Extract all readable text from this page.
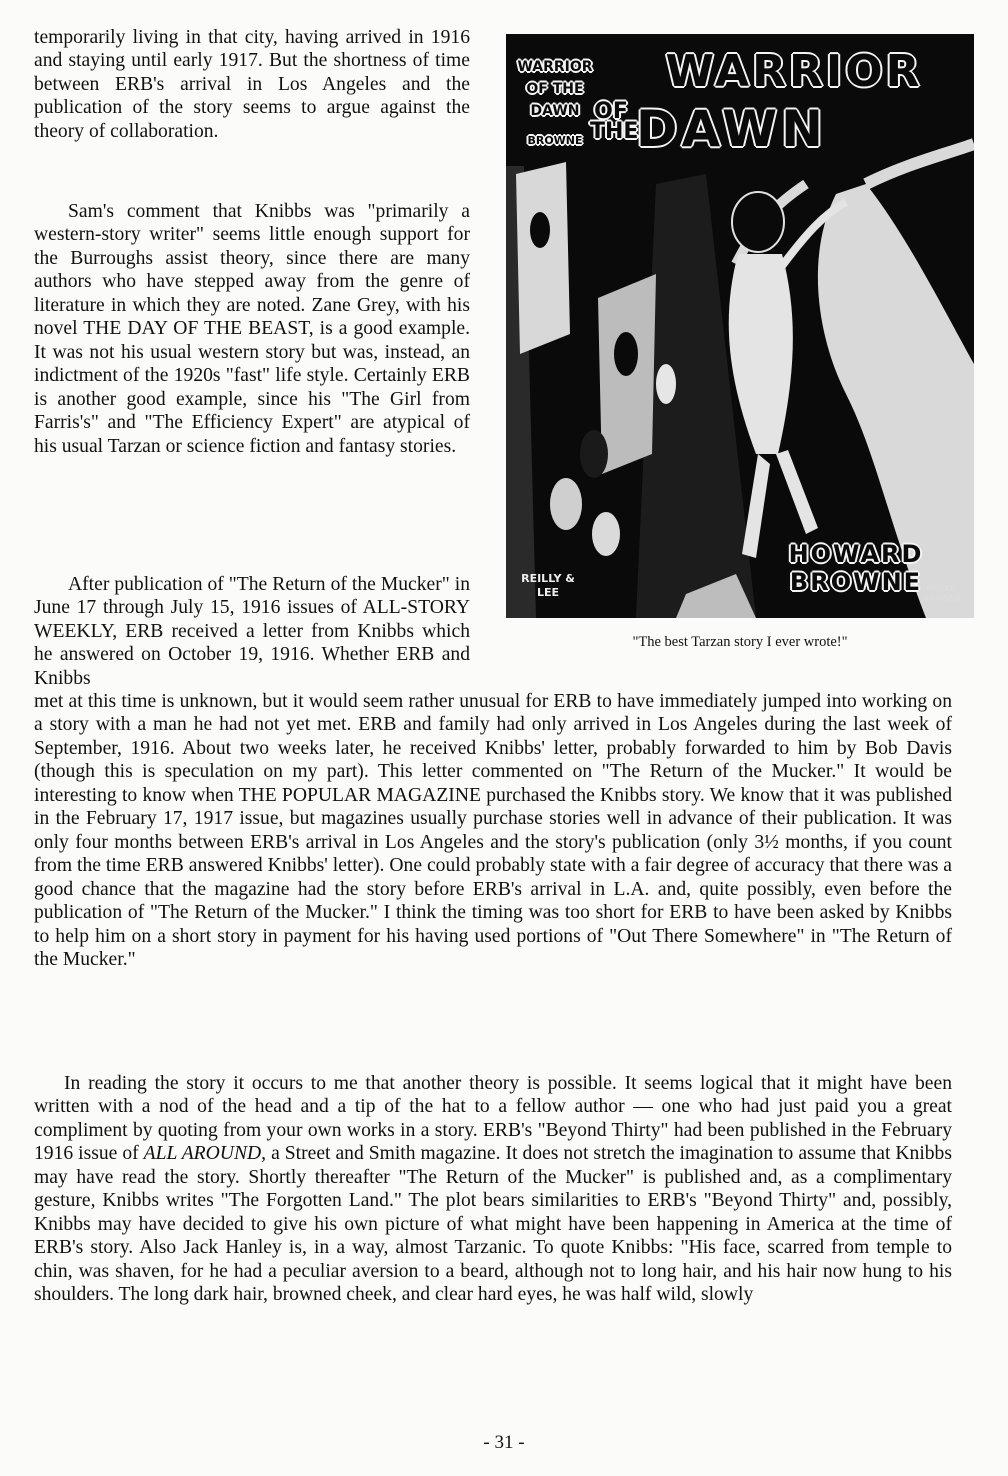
temporarily living in that city, having arrived in 1916 and staying until early 1917. But the shortness of time between ERB's arrival in Los Angeles and the publication of the story seems to argue against the theory of collaboration.

Sam's comment that Knibbs was "primarily a western-story writer" seems little enough support for the Burroughs assist theory, since there are many authors who have stepped away from the genre of literature in which they are noted. Zane Grey, with his novel THE DAY OF THE BEAST, is a good example. It was not his usual western story but was, instead, an indictment of the 1920s "fast" life style. Certainly ERB is another good example, since his "The Girl from Farris's" and "The Efficiency Expert" are atypical of his usual Tarzan or science fiction and fantasy stories.

After publication of "The Return of the Mucker" in June 17 through July 15, 1916 issues of ALL-STORY WEEKLY, ERB received a letter from Knibbs which he answered on October 19, 1916. Whether ERB and Knibbs

met at this time is unknown, but it would seem rather unusual for ERB to have immediately jumped into working on a story with a man he had not yet met. ERB and family had only arrived in Los Angeles during the last week of September, 1916. About two weeks later, he received Knibbs' letter, probably forwarded to him by Bob Davis (though this is speculation on my part). This letter commented on "The Return of the Mucker." It would be interesting to know when THE POPULAR MAGAZINE purchased the Knibbs story. We know that it was published in the February 17, 1917 issue, but magazines usually purchase stories well in advance of their publication. It was only four months between ERB's arrival in Los Angeles and the story's publication (only 3½ months, if you count from the time ERB answered Knibbs' letter). One could probably state with a fair degree of accuracy that there was a good chance that the magazine had the story before ERB's arrival in L.A. and, quite possibly, even before the publication of "The Return of the Mucker." I think the timing was too short for ERB to have been asked by Knibbs to help him on a short story in payment for his having used portions of "Out There Somewhere" in "The Return of the Mucker."

In reading the story it occurs to me that another theory is possible. It seems logical that it might have been written with a nod of the head and a tip of the hat to a fellow author — one who had just paid you a great compliment by quoting from your own works in a story. ERB's "Beyond Thirty" had been published in the February 1916 issue of ALL AROUND, a Street and Smith magazine. It does not stretch the imagination to assume that Knibbs may have read the story. Shortly thereafter "The Return of the Mucker" is published and, as a complimentary gesture, Knibbs writes "The Forgotten Land." The plot bears similarities to ERB's "Beyond Thirty" and, possibly, Knibbs may have decided to give his own picture of what might have been happening in America at the time of ERB's story. Also Jack Hanley is, in a way, almost Tarzanic. To quote Knibbs: "His face, scarred from temple to chin, was shaven, for he had a peculiar aversion to a beard, although not to long hair, and his hair now hung to his shoulders. The long dark hair, browned cheek, and clear hard eyes, he was half wild, slowly

WARRIOR OF THE DAWN
BROWNE
WARRIOR
OF THE
DAWN
HOWARD BROWNE
REILLY & LEE	FRITIOF JOHNSON

"The best Tarzan story I ever wrote!"

- 31 -
